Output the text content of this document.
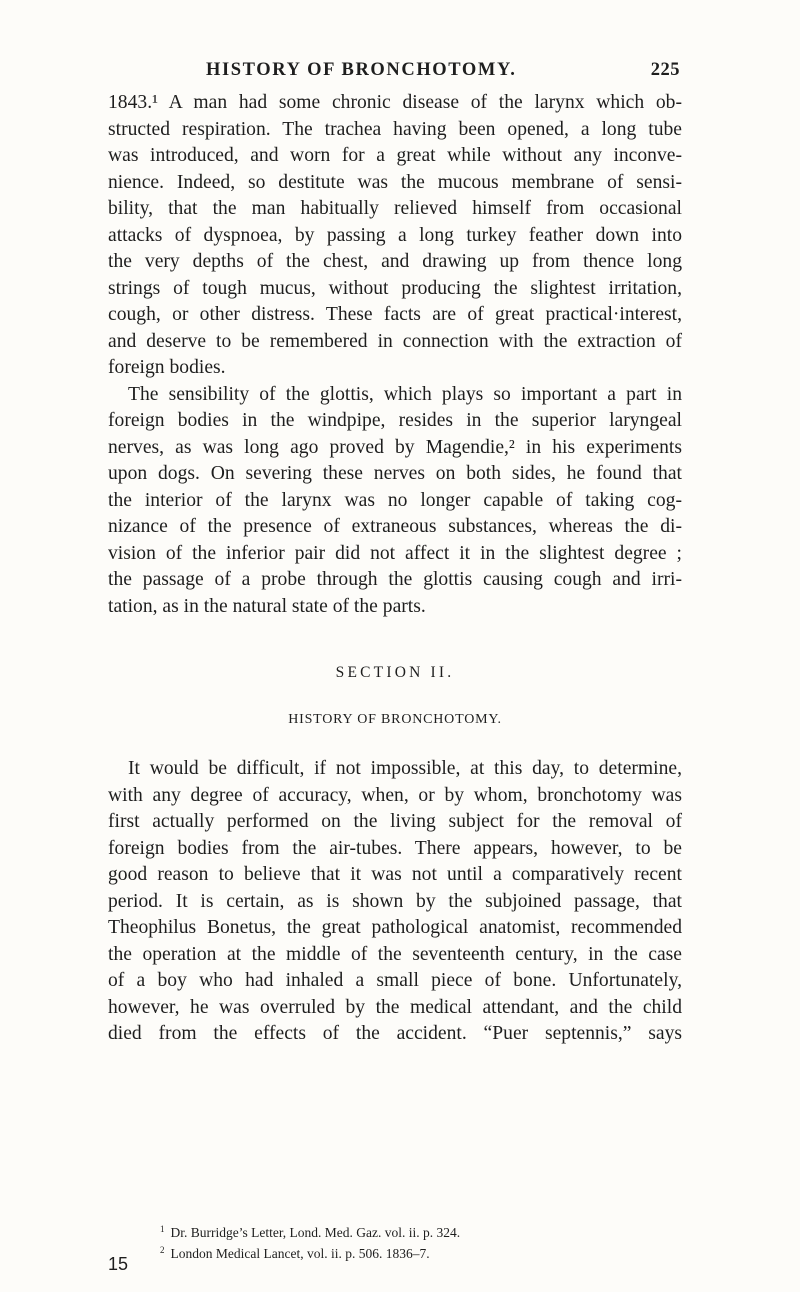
HISTORY OF BRONCHOTOMY.	225

1843.¹ A man had some chronic disease of the larynx which ob-

structed respiration. The trachea having been opened, a long tube

was introduced, and worn for a great while without any inconve-

nience. Indeed, so destitute was the mucous membrane of sensi-

bility, that the man habitually relieved himself from occasional

attacks of dyspnoea, by passing a long turkey feather down into

the very depths of the chest, and drawing up from thence long

strings of tough mucus, without producing the slightest irritation,

cough, or other distress. These facts are of great practical·interest,

and deserve to be remembered in connection with the extraction of

foreign bodies.

The sensibility of the glottis, which plays so important a part in

foreign bodies in the windpipe, resides in the superior laryngeal

nerves, as was long ago proved by Magendie,² in his experiments

upon dogs. On severing these nerves on both sides, he found that

the interior of the larynx was no longer capable of taking cog-

nizance of the presence of extraneous substances, whereas the di-

vision of the inferior pair did not affect it in the slightest degree ;

the passage of a probe through the glottis causing cough and irri-

tation, as in the natural state of the parts.

SECTION II.
HISTORY OF BRONCHOTOMY.

It would be difficult, if not impossible, at this day, to determine,

with any degree of accuracy, when, or by whom, bronchotomy was

first actually performed on the living subject for the removal of

foreign bodies from the air-tubes. There appears, however, to be

good reason to believe that it was not until a comparatively recent

period. It is certain, as is shown by the subjoined passage, that

Theophilus Bonetus, the great pathological anatomist, recommended

the operation at the middle of the seventeenth century, in the case

of a boy who had inhaled a small piece of bone. Unfortunately,

however, he was overruled by the medical attendant, and the child

died from the effects of the accident. “Puer septennis,” says

$^1$ Dr. Burridge’s Letter, Lond. Med. Gaz. vol. ii. p. 324.

$^2$ London Medical Lancet, vol. ii. p. 506. 1836–7.

15
